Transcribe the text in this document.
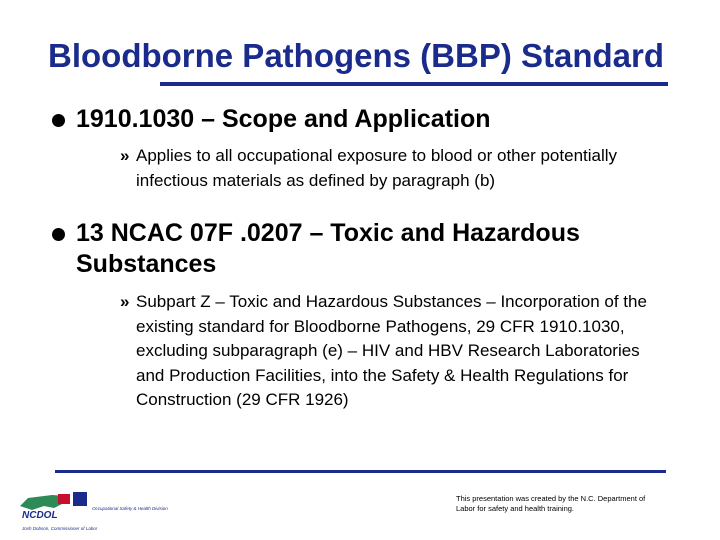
Bloodborne Pathogens (BBP) Standard
1910.1030 – Scope and Application
» Applies to all occupational exposure to blood or other potentially infectious materials as defined by paragraph (b)
13 NCAC 07F .0207 – Toxic and Hazardous Substances
» Subpart Z – Toxic and Hazardous Substances – Incorporation of the existing standard for Bloodborne Pathogens, 29 CFR 1910.1030, excluding subparagraph (e) – HIV and HBV Research Laboratories and Production Facilities, into the Safety & Health Regulations for Construction (29 CFR 1926)
NCDOL
Occupational Safety & Health Division
Josh Dobson, Commissioner of Labor
This presentation was created by the N.C. Department of Labor for safety and health training.
